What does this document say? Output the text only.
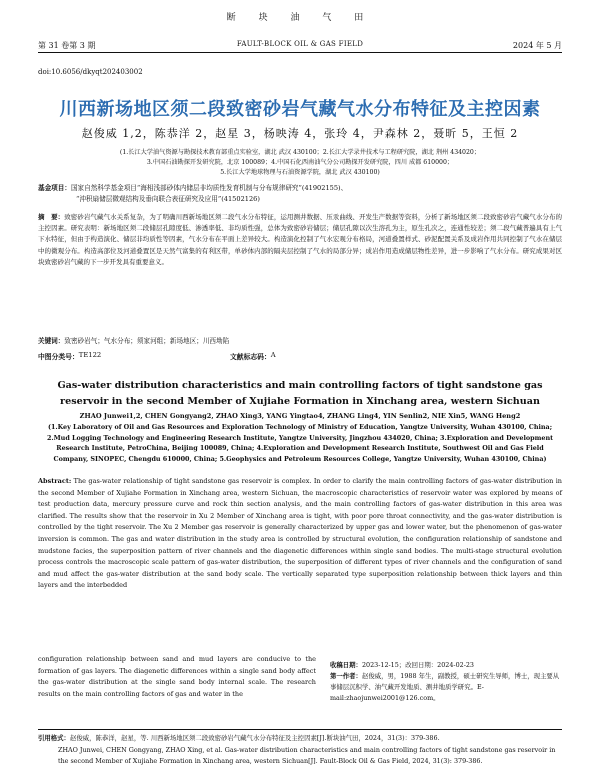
断 块 油 气 田
第 31 卷第 3 期	FAULT-BLOCK OIL & GAS FIELD	2024 年 5 月
doi:10.6056/dkyqt202403002
川西新场地区须二段致密砂岩气藏气水分布特征及主控因素
赵俊威 1,2，陈恭洋 2，赵星 3，杨映涛 4，张玲 4，尹森林 2，聂昕 5，王恒 2
(1.长江大学油气资源与勘探技术教育部重点实验室，湖北 武汉 430100；2.长江大学录井技术与工程研究院，湖北 荆州 434020；
3.中国石油勘探开发研究院，北京 100089；4.中国石化西南油气分公司勘探开发研究院，四川 成都 610000；
5.长江大学地球物理与石油资源学院，湖北 武汉 430100)
基金项目：国家自然科学基金项目“海相浅部砂体内储层非均质性发育机制与分布规律研究”(41902155)、
“沖积扇储层微观结构及垂向联合表征研究及应用”(41502126)
摘　要：致密砂岩气藏气水关系复杂，为了明确川西新场地区须二段气水分布特征，运用测井数据、压汞曲线、开发生产数据等资料，分析了新场地区须二段致密砂岩气藏气水分布的主控因素。研究表明：新场地区须二段储层孔隙度低、渗透率低、非均质性强，总体为致密砂岩储层；储层孔隙以次生溶孔为主，原生孔次之，连通性较差；须二段气藏普遍具有上气下水特征，但由于构造演化、储层非均质性等因素，气水分布在平面上差异较大。构造演化控制了气水宏观分布格局，河道叠置样式、砂泥配置关系及成岩作用共同控制了气水在储层中的微观分布。构造高部位及河道叠置区是天然气富集的有利区带，单砂体内部的隔夹层控制了气水的局部分异；成岩作用造成储层物性差异，进一步影响了气水分布。研究成果对区块致密砂岩气藏的下一步开发具有重要意义。
关键词：致密砂岩气；气水分布；须家河组；新场地区；川西坳陷
中图分类号： TE122	文献标志码： A
Gas-water distribution characteristics and main controlling factors of tight sandstone gas reservoir in the second Member of Xujiahe Formation in Xinchang area, western Sichuan
ZHAO Junwei1,2, CHEN Gongyang2, ZHAO Xing3, YANG Yingtao4, ZHANG Ling4, YIN Senlin2, NIE Xin5, WANG Heng2
(1.Key Laboratory of Oil and Gas Resources and Exploration Technology of Ministry of Education, Yangtze University, Wuhan 430100, China; 2.Mud Logging Technology and Engineering Research Institute, Yangtze University, Jingzhou 434020, China; 3.Exploration and Development Research Institute, PetroChina, Beijing 100089, China; 4.Exploration and Development Research Institute, Southwest Oil and Gas Field Company, SINOPEC, Chengdu 610000, China; 5.Geophysics and Petroleum Resources College, Yangtze University, Wuhan 430100, China)
Abstract: The gas-water relationship of tight sandstone gas reservoir is complex. In order to clarify the main controlling factors of gas-water distribution in the second Member of Xujiahe Formation in Xinchang area, western Sichuan, the macroscopic characteristics of reservoir water was explored by means of test production data, mercury pressure curve and rock thin section analysis, and the main controlling factors of gas-water distribution in this area was clarified. The results show that the reservoir in Xu 2 Member of Xinchang area is tight, with poor pore throat connectivity, and the gas-water distribution is controlled by the tight reservoir. The Xu 2 Member gas reservoir is generally characterized by upper gas and lower water, but the phenomenon of gas-water inversion is common. The gas and water distribution in the study area is controlled by structural evolution, the configuration relationship of sandstone and mudstone facies, the superposition pattern of river channels and the diagenetic differences within single sand bodies. The multi-stage structural evolution process controls the macroscopic scale pattern of gas-water distribution, the superposition of different types of river channels and the configuration of sand and mud affect the gas-water distribution at the sand body scale. The vertically separated type superposition relationship between thick layers and thin layers and the interbedded
configuration relationship between sand and mud layers are conducive to the formation of gas layers. The diagenetic differences within a single sand body affect the gas-water distribution at the single sand body internal scale. The research results on the main controlling factors of gas and water in the
收稿日期：2023-12-15；改回日期：2024-02-23
第一作者：赵俊威，男，1988 年生，副教授，硕士研究生导师，博士，现主要从事储层沉积学、油气藏开发地质、测井地质学研究。E-mail:zhaojunwei2001@126.com。
引用格式：赵俊威，陈恭洋，赵星，等. 川西新场地区须二段致密砂岩气藏气水分布特征及主控因素[J].断块油气田，2024，31(3)：379-386.
ZHAO Junwei, CHEN Gongyang, ZHAO Xing, et al. Gas-water distribution characteristics and main controlling factors of tight sandstone gas reservoir in the second Member of Xujiahe Formation in Xinchang area, western Sichuan[J]. Fault-Block Oil & Gas Field, 2024, 31(3): 379-386.
